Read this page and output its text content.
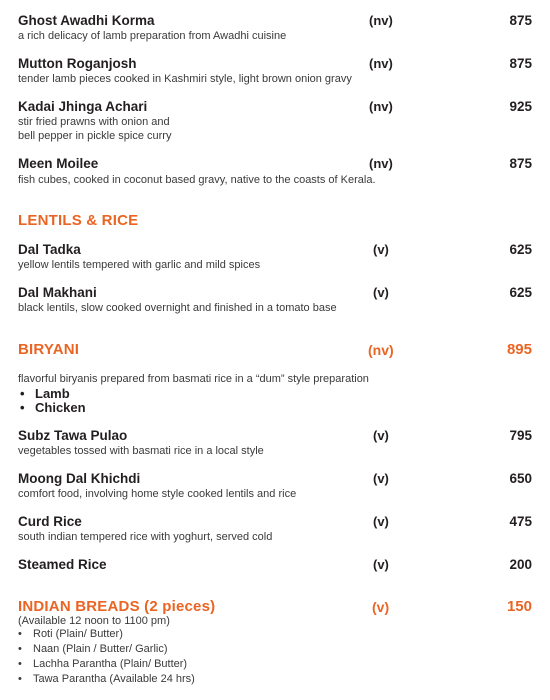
Ghost Awadhi Korma	(nv)	875
a rich delicacy of lamb preparation from Awadhi cuisine
Mutton Roganjosh	(nv)	875
tender lamb pieces cooked in Kashmiri style, light brown onion gravy
Kadai Jhinga Achari	(nv)	925
stir fried prawns with onion and
bell pepper in pickle spice curry
Meen Moilee	(nv)	875
fish cubes, cooked in coconut based gravy, native to the coasts of Kerala.
LENTILS & RICE
Dal Tadka	(v)	625
yellow lentils tempered with garlic and mild spices
Dal Makhani	(v)	625
black lentils, slow cooked overnight and finished in a tomato base
BIRYANI	(nv)	895
flavorful biryanis prepared from basmati rice in a “dum” style preparation
• Lamb
• Chicken
Subz Tawa Pulao	(v)	795
vegetables tossed with basmati rice in a local style
Moong Dal Khichdi	(v)	650
comfort food, involving home style cooked lentils and rice
Curd Rice	(v)	475
south indian tempered rice with yoghurt, served cold
Steamed Rice	(v)	200
INDIAN BREADS (2 pieces)	(v)	150
(Available 12 noon to 1100 pm)
• Roti (Plain/ Butter)
• Naan (Plain / Butter/ Garlic)
• Lachha Parantha (Plain/ Butter)
• Tawa Parantha (Available 24 hrs)
